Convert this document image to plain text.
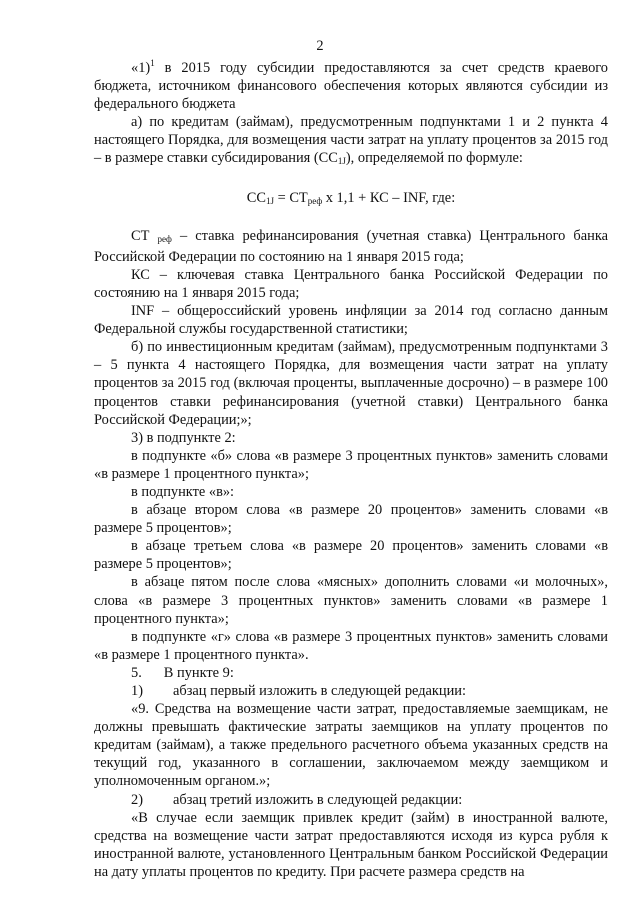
2

«1)$^1$ в 2015 году субсидии предоставляются за счет средств краевого бюджета, источником финансового обеспечения которых являются субсидии из федерального бюджета

а) по кредитам (займам), предусмотренным подпунктами 1 и 2 пункта 4 настоящего Порядка, для возмещения части затрат на уплату процентов за 2015 год – в размере ставки субсидирования (СС1J), определяемой по формуле:

СС1J = СТреф х 1,1 + КС – INF, где:

СТ реф – ставка рефинансирования (учетная ставка) Центрального банка Российской Федерации по состоянию на 1 января 2015 года;

КС – ключевая ставка Центрального банка Российской Федерации по состоянию на 1 января 2015 года;

INF – общероссийский уровень инфляции за 2014 год согласно данным Федеральной службы государственной статистики;

б) по инвестиционным кредитам (займам), предусмотренным подпунктами 3 – 5 пункта 4 настоящего Порядка, для возмещения части затрат на уплату процентов за 2015 год (включая проценты, выплаченные досрочно) – в размере 100 процентов ставки рефинансирования (учетной ставки) Центрального банка Российской Федерации;»;

3) в подпункте 2:

в подпункте «б» слова «в размере 3 процентных пунктов» заменить словами «в размере 1 процентного пункта»;

в подпункте «в»:

в абзаце втором слова «в размере 20 процентов» заменить словами «в размере 5 процентов»;

в абзаце третьем слова «в размере 20 процентов» заменить словами «в размере 5 процентов»;

в абзаце пятом после слова «мясных» дополнить словами «и молочных», слова «в размере 3 процентных пунктов» заменить словами «в размере 1 процентного пункта»;

в подпункте «г» слова «в размере 3 процентных пунктов» заменить словами «в размере 1 процентного пункта».

5. В пункте 9:

1) абзац первый изложить в следующей редакции:

«9. Средства на возмещение части затрат, предоставляемые заемщикам, не должны превышать фактические затраты заемщиков на уплату процентов по кредитам (займам), а также предельного расчетного объема указанных средств на текущий год, указанного в соглашении, заключаемом между заемщиком и уполномоченным органом.»;

2) абзац третий изложить в следующей редакции:

«В случае если заемщик привлек кредит (займ) в иностранной валюте, средства на возмещение части затрат предоставляются исходя из курса рубля к иностранной валюте, установленного Центральным банком Российской Федерации на дату уплаты процентов по кредиту. При расчете размера средств на
